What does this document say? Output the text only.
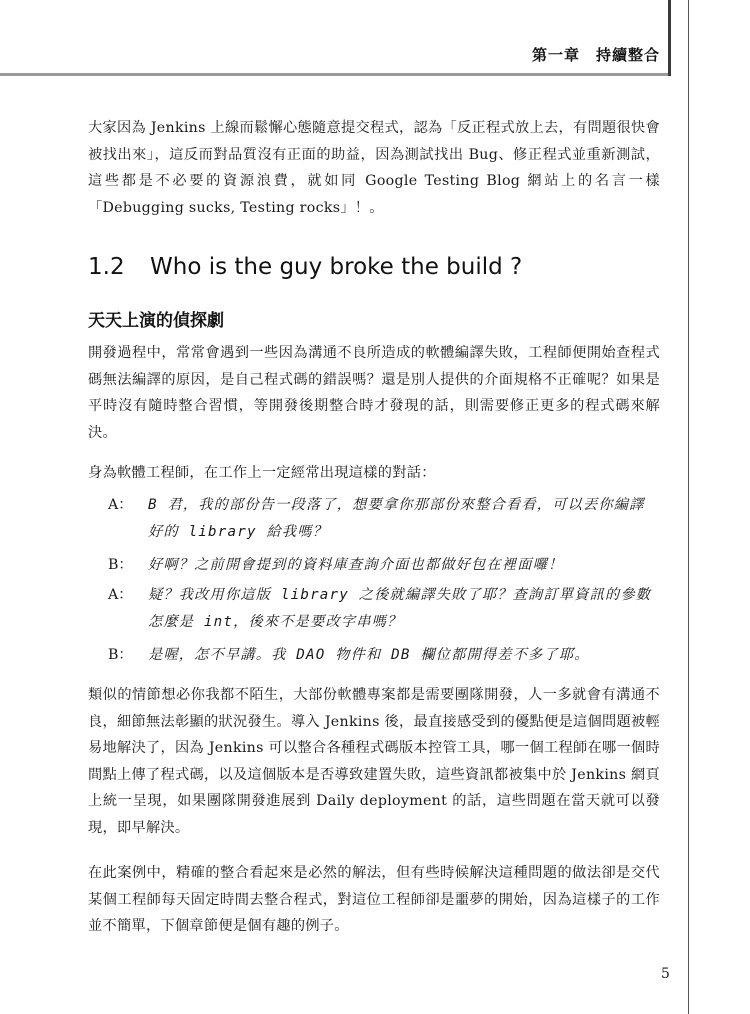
第一章　持續整合

大家因為 Jenkins 上線而鬆懈心態隨意提交程式，認為「反正程式放上去，有問題很快會被找出來」，這反而對品質沒有正面的助益，因為測試找出 Bug、修正程式並重新測試，這些都是不必要的資源浪費，就如同 Google Testing Blog 網站上的名言一樣「Debugging sucks, Testing rocks」！。

1.2 Who is the guy broke the build ?
天天上演的偵探劇

開發過程中，常常會遇到一些因為溝通不良所造成的軟體編譯失敗，工程師便開始查程式碼無法編譯的原因，是自己程式碼的錯誤嗎？還是別人提供的介面規格不正確呢？如果是平時沒有隨時整合習慣，等開發後期整合時才發現的話，則需要修正更多的程式碼來解決。

身為軟體工程師，在工作上一定經常出現這樣的對話：

A：	B 君，我的部份告一段落了，想要拿你那部份來整合看看，可以丟你編譯好的 library 給我嗎？
B：	好啊？之前開會提到的資料庫查詢介面也都做好包在裡面囉！
A：	疑？我改用你這版 library 之後就編譯失敗了耶？查詢訂單資訊的參數怎麼是 int，後來不是要改字串嗎？
B：	是喔，怎不早講。我 DAO 物件和 DB 欄位都開得差不多了耶。

類似的情節想必你我都不陌生，大部份軟體專案都是需要團隊開發，人一多就會有溝通不良，細節無法彰顯的狀況發生。導入 Jenkins 後，最直接感受到的優點便是這個問題被輕易地解決了，因為 Jenkins 可以整合各種程式碼版本控管工具，哪一個工程師在哪一個時間點上傳了程式碼，以及這個版本是否導致建置失敗，這些資訊都被集中於 Jenkins 網頁上統一呈現，如果團隊開發進展到 Daily deployment 的話，這些問題在當天就可以發現，即早解決。

在此案例中，精確的整合看起來是必然的解法，但有些時候解決這種問題的做法卻是交代某個工程師每天固定時間去整合程式，對這位工程師卻是噩夢的開始，因為這樣子的工作並不簡單，下個章節便是個有趣的例子。

5
